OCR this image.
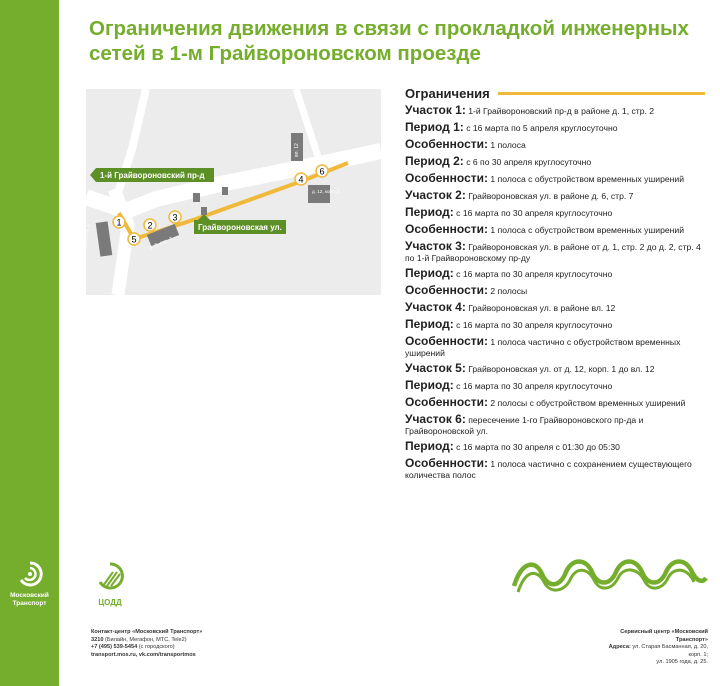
Московский
Транспорт
Ограничения движения в связи с прокладкой инженерных
сетей в 1-м Грайвороновском проезде
д. 1, стр. 1	д. 6, стр. 7
вл. 12
д. 12, корп. 1
1-й Грайвороновский пр-д
Грайвороновская ул.
1
5
2
3
4
6
Ограничения
Участок 1: 1-й Грайвороновский пр-д в районе д. 1, стр. 2
Период 1: с 16 марта по 5 апреля круглосуточно
Особенности: 1 полоса
Период 2: с 6 по 30 апреля круглосуточно
Особенности: 1 полоса с обустройством временных уширений
Участок 2: Грайвороновская ул. в районе д. 6, стр. 7
Период: с 16 марта по 30 апреля круглосуточно
Особенности: 1 полоса с обустройством временных уширений
Участок 3: Грайвороновская ул. в районе от д. 1, стр. 2 до д. 2, стр. 4 по 1-й Грайвороновскому пр-ду
Период: с 16 марта по 30 апреля круглосуточно
Особенности: 2 полосы
Участок 4: Грайвороновская ул. в районе вл. 12
Период: с 16 марта по 30 апреля круглосуточно
Особенности: 1 полоса частично с обустройством временных уширений
Участок 5: Грайвороновская ул. от д. 12, корп. 1 до вл. 12
Период: с 16 марта по 30 апреля круглосуточно
Особенности: 2 полосы с обустройством временных уширений
Участок 6: пересечение 1-го Грайвороновского пр-да и Грайвороновской ул.
Период: с 16 марта по 30 апреля с 01:30 до 05:30
Особенности: 1 полоса частично с сохранением существующего количества полос
ЦОДД
Контакт-центр «Московский Транспорт»
3210 (Билайн, Мегафон, МТС, Tele2)
+7 (495) 539-5454 (с городского)
transport.mos.ru, vk.com/transportmos
Сервисный центр «Московский Транспорт»
Адреса: ул. Старая Басманная, д. 20, корп. 1;
ул. 1905 года, д. 25.
